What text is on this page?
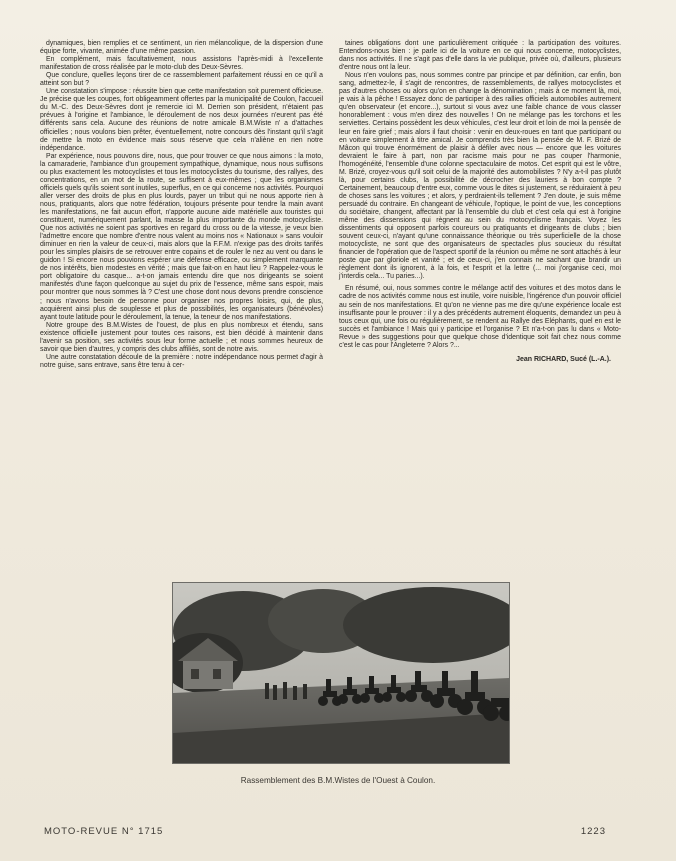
dynamiques, bien remplies et ce sentiment, un rien mélancolique, de la dispersion d'une équipe forte, vivante, animée d'une même passion.

En complément, mais facultativement, nous assistons l'après-midi à l'excellente manifestation de cross réalisée par le moto-club des Deux-Sèvres.

Que conclure, quelles leçons tirer de ce rassemblement parfaitement réussi en ce qu'il a atteint son but ?

Une constatation s'impose : réussite bien que cette manifestation soit purement officieuse. Je précise que les coupes, fort obligeamment offertes par la municipalité de Coulon, l'accueil du M.-C. des Deux-Sèvres dont je remercie ici M. Derrien son président, n'étaient pas prévues à l'origine et l'ambiance, le déroulement de nos deux journées n'eurent pas été différents sans cela. Aucune des réunions de notre amicale B.M.Wiste n' a d'attaches officielles ; nous voulons bien prêter, éventuellement, notre concours dès l'instant qu'il s'agit de mettre la moto en évidence mais sous réserve que cela n'aliène en rien notre indépendance.

Par expérience, nous pouvons dire, nous, que pour trouver ce que nous aimons : la moto, la camaraderie, l'ambiance d'un groupement sympathique, dynamique, nous nous suffisons ou plus exactement les motocyclistes et tous les motocyclistes du tourisme, des rallyes, des concentrations, en un mot de la route, se suffisent à eux-mêmes ; que les organismes officiels quels qu'ils soient sont inutiles, superflus, en ce qui concerne nos activités. Pourquoi aller verser des droits de plus en plus lourds, payer un tribut qui ne nous apporte rien à nous, pratiquants, alors que notre fédération, toujours présente pour tendre la main avant les manifestations, ne fait aucun effort, n'apporte aucune aide matérielle aux touristes qui constituent, numériquement parlant, la masse la plus importante du monde motocycliste. Que nos activités ne soient pas sportives en regard du cross ou de la vitesse, je veux bien l'admettre encore que nombre d'entre nous valent au moins nos « Nationaux » sans vouloir diminuer en rien la valeur de ceux-ci, mais alors que la F.F.M. n'exige pas des droits tarifés pour les simples plaisirs de se retrouver entre copains et de rouler le nez au vent ou dans le guidon ! Si encore nous pouvions espérer une défense efficace, ou simplement marquante de nos intérêts, bien modestes en vérité ; mais que fait-on en haut lieu ? Rappelez-vous le port obligatoire du casque... a-t-on jamais entendu dire que nos dirigeants se soient manifestés d'une façon quelconque au sujet du prix de l'essence, même sans espoir, mais pour montrer que nous sommes là ? C'est une chose dont nous devons prendre conscience ; nous n'avons besoin de personne pour organiser nos propres loisirs, qui, de plus, acquièrent ainsi plus de souplesse et plus de possibilités, les organisateurs (bénévoles) ayant toute latitude pour le déroulement, la tenue, la teneur de nos manifestations.

Notre groupe des B.M.Wistes de l'ouest, de plus en plus nombreux et étendu, sans existence officielle justement pour toutes ces raisons, est bien décidé à maintenir dans l'avenir sa position, ses activités sous leur forme actuelle ; et nous sommes heureux de savoir que bien d'autres, y compris des clubs affiliés, sont de notre avis.

Une autre constatation découle de la première : notre indépendance nous permet d'agir à notre guise, sans entrave, sans être tenu à cer-

taines obligations dont une particulièrement critiquée : la participation des voitures. Entendons-nous bien : je parle ici de la voiture en ce qui nous concerne, motocyclistes, dans nos activités. Il ne s'agit pas d'elle dans la vie publique, privée où, d'ailleurs, plusieurs d'entre nous ont la leur.

Nous n'en voulons pas, nous sommes contre par principe et par définition, car enfin, bon sang, admettez-le, il s'agit de rencontres, de rassemblements, de rallyes motocyclistes et pas d'autres choses ou alors qu'on en change la dénomination ; mais à ce moment là, moi, je vais à la pêche ! Essayez donc de participer à des rallies officiels automobiles autrement qu'en observateur (et encore...), surtout si vous avez une faible chance de vous classer honorablement : vous m'en direz des nouvelles ! On ne mélange pas les torchons et les serviettes. Certains possèdent les deux véhicules, c'est leur droit et loin de moi la pensée de leur en faire grief ; mais alors il faut choisir : venir en deux-roues en tant que participant ou en voiture simplement à titre amical. Je comprends très bien la pensée de M. F. Brizé de Mâcon qui trouve énormément de plaisir à défiler avec nous — encore que les voitures devraient le faire à part, non par racisme mais pour ne pas couper l'harmonie, l'homogénéité, l'ensemble d'une colonne spectaculaire de motos. Cet esprit qui est le vôtre, M. Brizé, croyez-vous qu'il soit celui de la majorité des automobilistes ? N'y a-t-il pas plutôt là, pour certains clubs, la possibilité de décrocher des lauriers à bon compte ? Certainement, beaucoup d'entre eux, comme vous le dites si justement, se réduiraient à peu de choses sans les voitures ; et alors, y perdraient-ils tellement ? J'en doute, je suis même persuadé du contraire. En changeant de véhicule, l'optique, le point de vue, les conceptions du sociétaire, changent, affectant par là l'ensemble du club et c'est cela qui est à l'origine même des dissensions qui règnent au sein du motocyclisme français. Voyez les dissentiments qui opposent parfois coureurs ou pratiquants et dirigeants de clubs ; bien souvent ceux-ci, n'ayant qu'une connaissance théorique ou très superficielle de la chose motocycliste, ne sont que des organisateurs de spectacles plus soucieux du résultat financier de l'opération que de l'aspect sportif de la réunion ou même ne sont attachés à leur poste que par gloriole et vanité ; et de ceux-ci, j'en connais ne sachant que brandir un règlement dont ils ignorent, à la fois, et l'esprit et la lettre (... moi j'organise ceci, moi j'interdis cela... Tu paries...).

En résumé, oui, nous sommes contre le mélange actif des voitures et des motos dans le cadre de nos activités comme nous est inutile, voire nuisible, l'ingérence d'un pouvoir officiel au sein de nos manifestations. Et qu'on ne vienne pas me dire qu'une expérience locale est insuffisante pour le prouver : il y a des précédents autrement éloquents, demandez un peu à tous ceux qui, une fois ou régulièrement, se rendent au Rallye des Eléphants, quel en est le succès et l'ambiance ! Mais qui y participe et l'organise ? Et n'a-t-on pas lu dans « Moto-Revue » des suggestions pour que quelque chose d'identique soit fait chez nous comme c'est le cas pour l'Angleterre ? Alors ?...

Jean RICHARD, Sucé (L.-A.).
Rassemblement des B.M.Wistes de l'Ouest à Coulon.
MOTO-REVUE N° 1715	1223
